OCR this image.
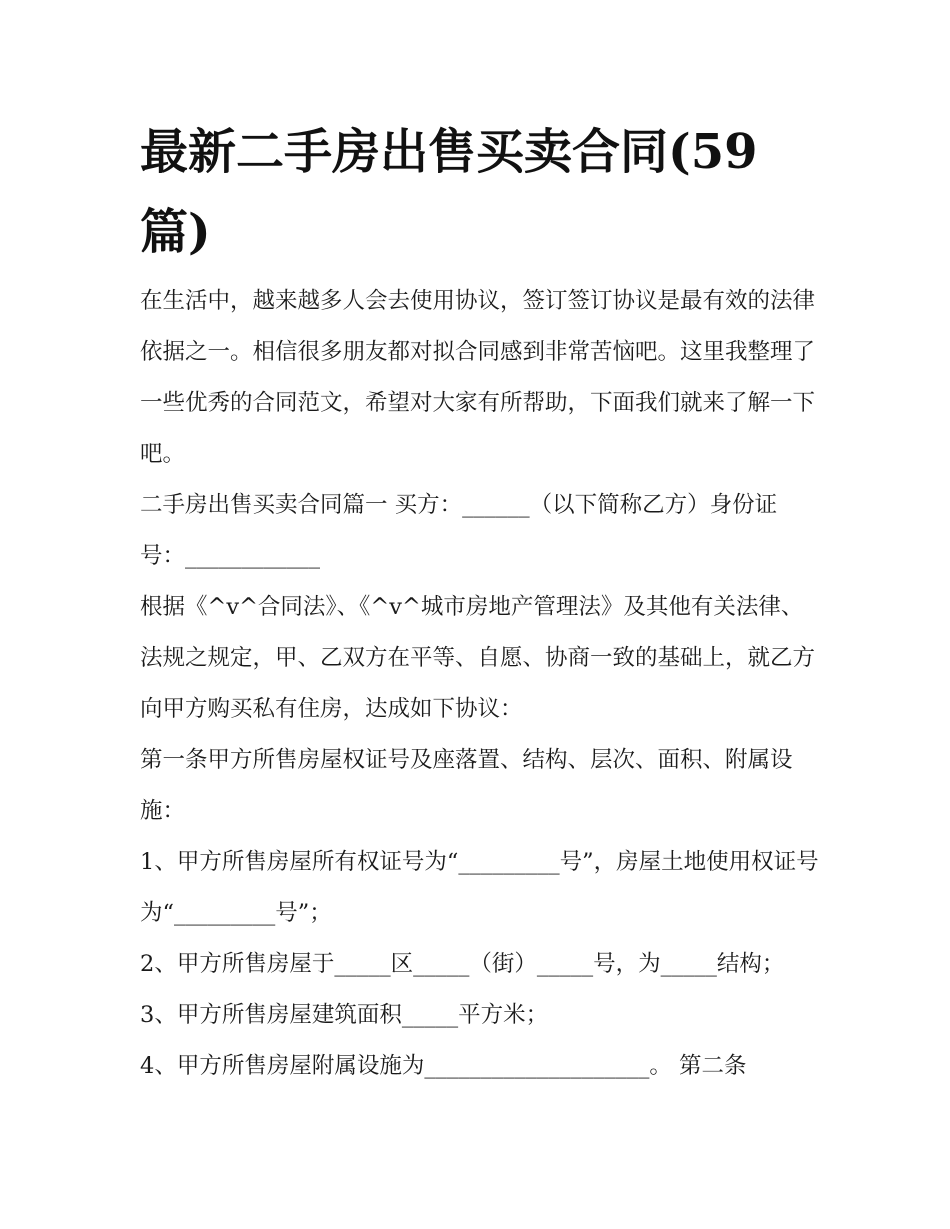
最新二手房出售买卖合同(59篇)

在生活中，越来越多人会去使用协议，签订签订协议是最有效的法律依据之一。相信很多朋友都对拟合同感到非常苦恼吧。这里我整理了一些优秀的合同范文，希望对大家有所帮助，下面我们就来了解一下吧。

二手房出售买卖合同篇一 买方：______（以下简称乙方）身份证号：____________

根据《^v^合同法》、《^v^城市房地产管理法》及其他有关法律、法规之规定，甲、乙双方在平等、自愿、协商一致的基础上，就乙方向甲方购买私有住房，达成如下协议：

第一条甲方所售房屋权证号及座落置、结构、层次、面积、附属设施：

1、甲方所售房屋所有权证号为“_________号”，房屋土地使用权证号为“_________号”；

2、甲方所售房屋于_____区_____（街）_____号，为_____结构； 3、甲方所售房屋建筑面积_____平方米；

4、甲方所售房屋附属设施为____________________。 第二条
